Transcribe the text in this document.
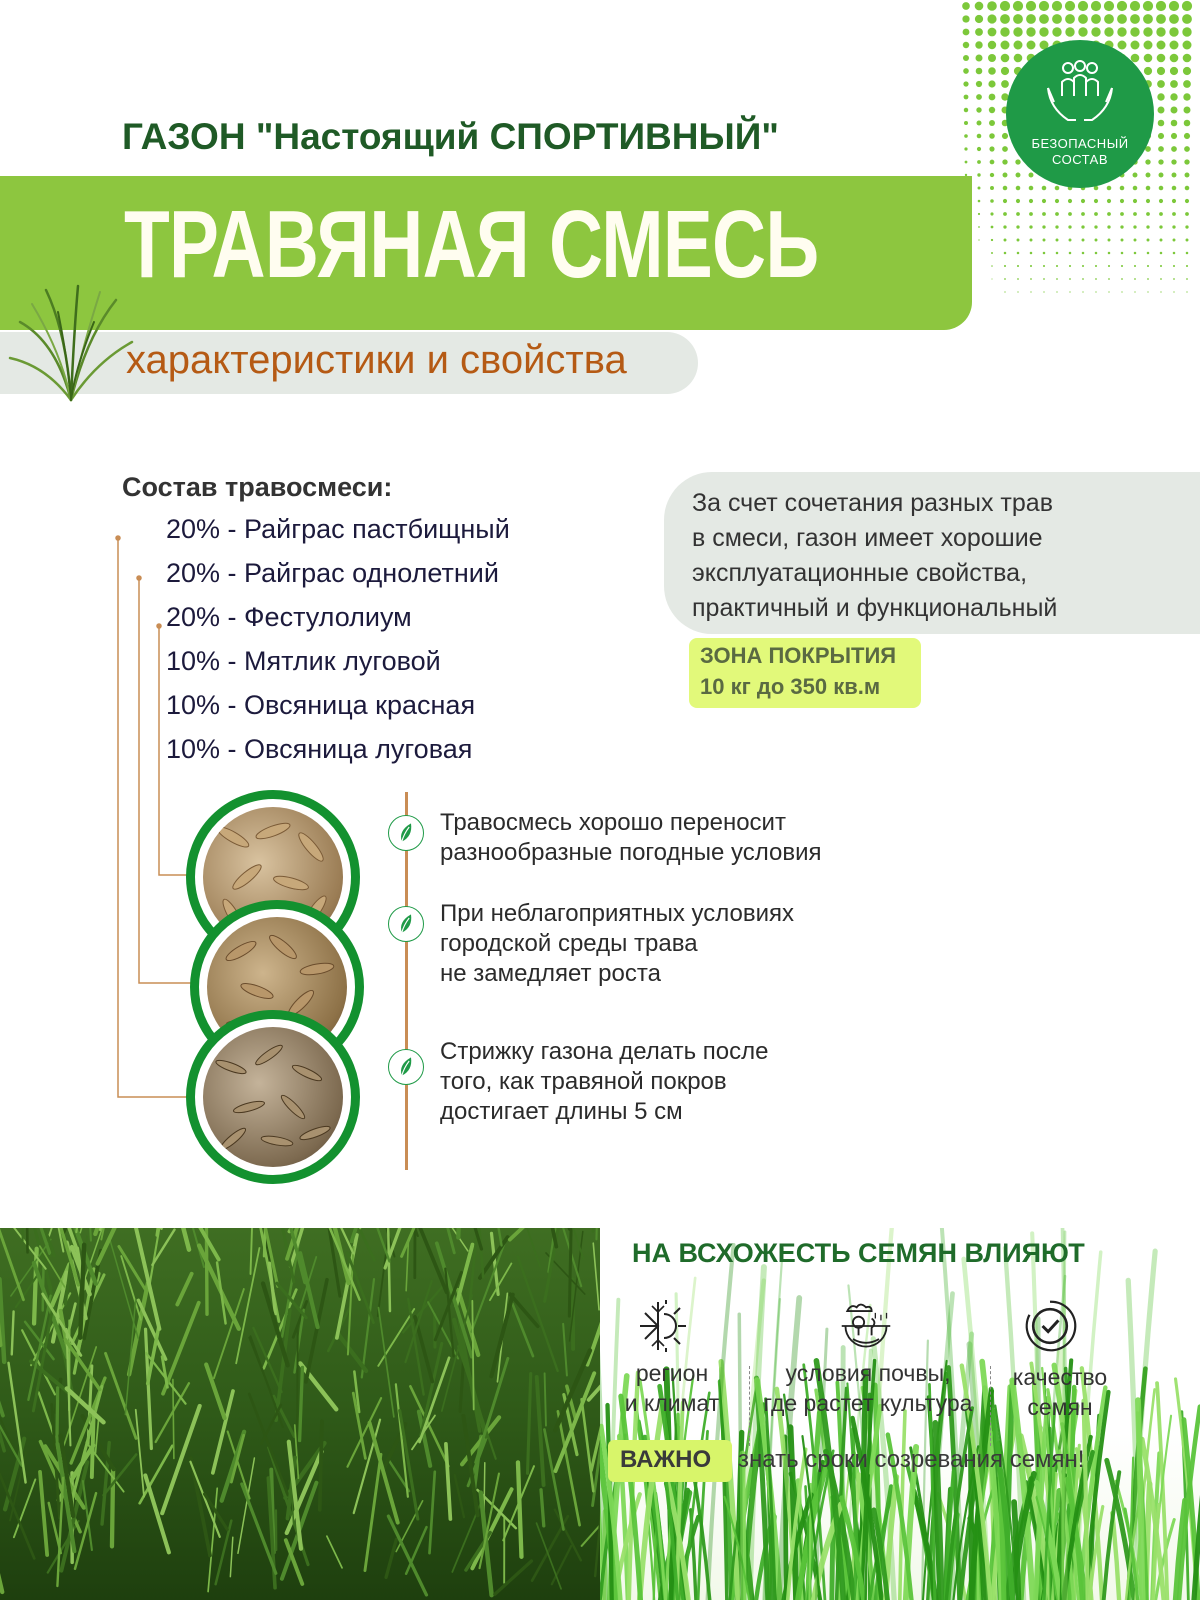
БЕЗОПАСНЫЙ
СОСТАВ
ГАЗОН "Настоящий СПОРТИВНЫЙ"
ТРАВЯНАЯ СМЕСЬ
характеристики и свойства
Состав травосмеси:
20% - Райграс пастбищный
20% - Райграс однолетний
20% - Фестулолиум
10% - Мятлик луговой
10% - Овсяница красная
10% - Овсяница луговая
Травосмесь хорошо переносит
разнообразные погодные условия
При неблагоприятных условиях
городской среды трава
не замедляет роста
Стрижку газона делать после
того, как травяной покров
достигает длины 5 см
За счет сочетания разных трав
в смеси, газон имеет хорошие
эксплуатационные свойства,
практичный и функциональный
ЗОНА ПОКРЫТИЯ
10 кг до 350 кв.м
НА ВСХОЖЕСТЬ СЕМЯН ВЛИЯЮТ
регион
и климат
условия почвы,
где растет культура
качество
семян
ВАЖНО знать сроки созревания семян!
